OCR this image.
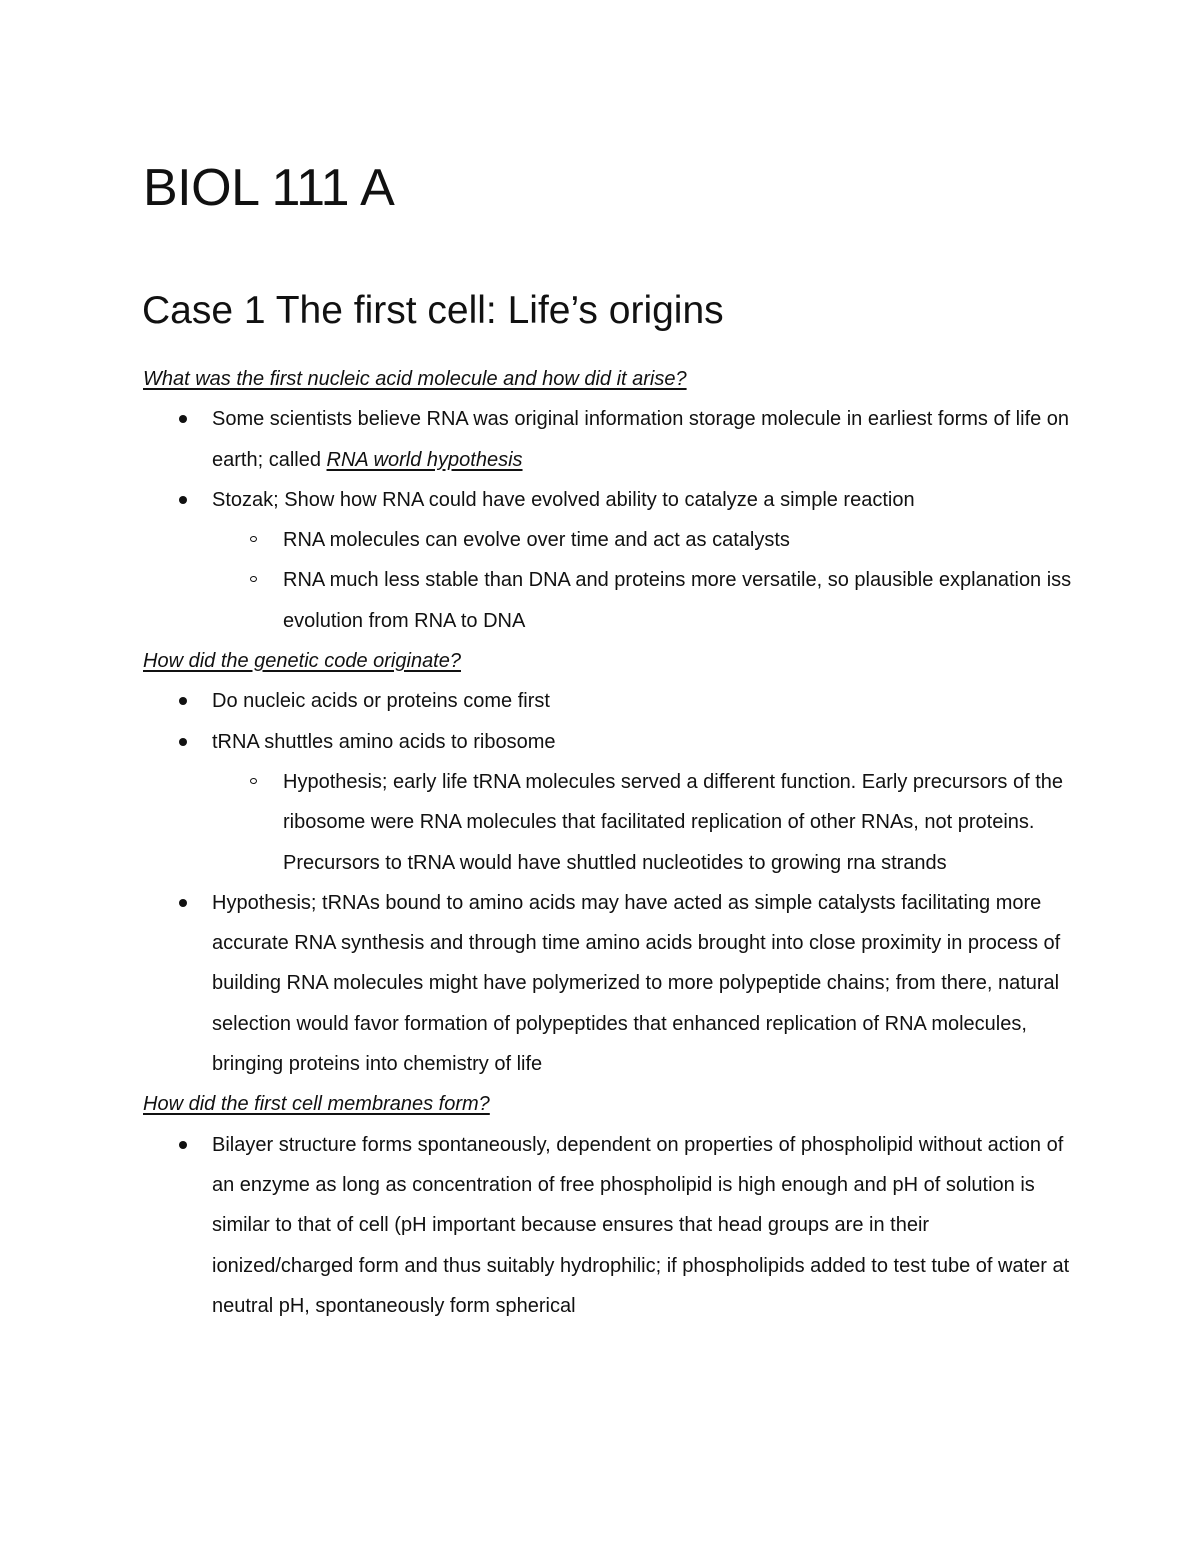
BIOL 111 A
Case 1 The first cell: Life’s origins
What was the first nucleic acid molecule and how did it arise?
Some scientists believe RNA was original information storage molecule in earliest forms of life on earth; called RNA world hypothesis
Stozak; Show how RNA could have evolved ability to catalyze a simple reaction
RNA molecules can evolve over time and act as catalysts
RNA much less stable than DNA and proteins more versatile, so plausible explanation iss evolution from RNA to DNA
How did the genetic code originate?
Do nucleic acids or proteins come first
tRNA shuttles amino acids to ribosome
Hypothesis; early life tRNA molecules served a different function. Early precursors of the ribosome were RNA molecules that facilitated replication of other RNAs, not proteins. Precursors to tRNA would have shuttled nucleotides to growing rna strands
Hypothesis; tRNAs bound to amino acids may have acted as simple catalysts facilitating more accurate RNA synthesis and through time amino acids brought into close proximity in process of building RNA molecules might have polymerized to more polypeptide chains; from there, natural selection would favor formation of polypeptides that enhanced replication of RNA molecules, bringing proteins into chemistry of life
How did the first cell membranes form?
Bilayer structure forms spontaneously, dependent on properties of phospholipid without action of an enzyme as long as concentration of free phospholipid is high enough and pH of solution is similar to that of cell (pH important because ensures that head groups are in their ionized/charged form and thus suitably hydrophilic; if phospholipids added to test tube of water at neutral pH, spontaneously form spherical
